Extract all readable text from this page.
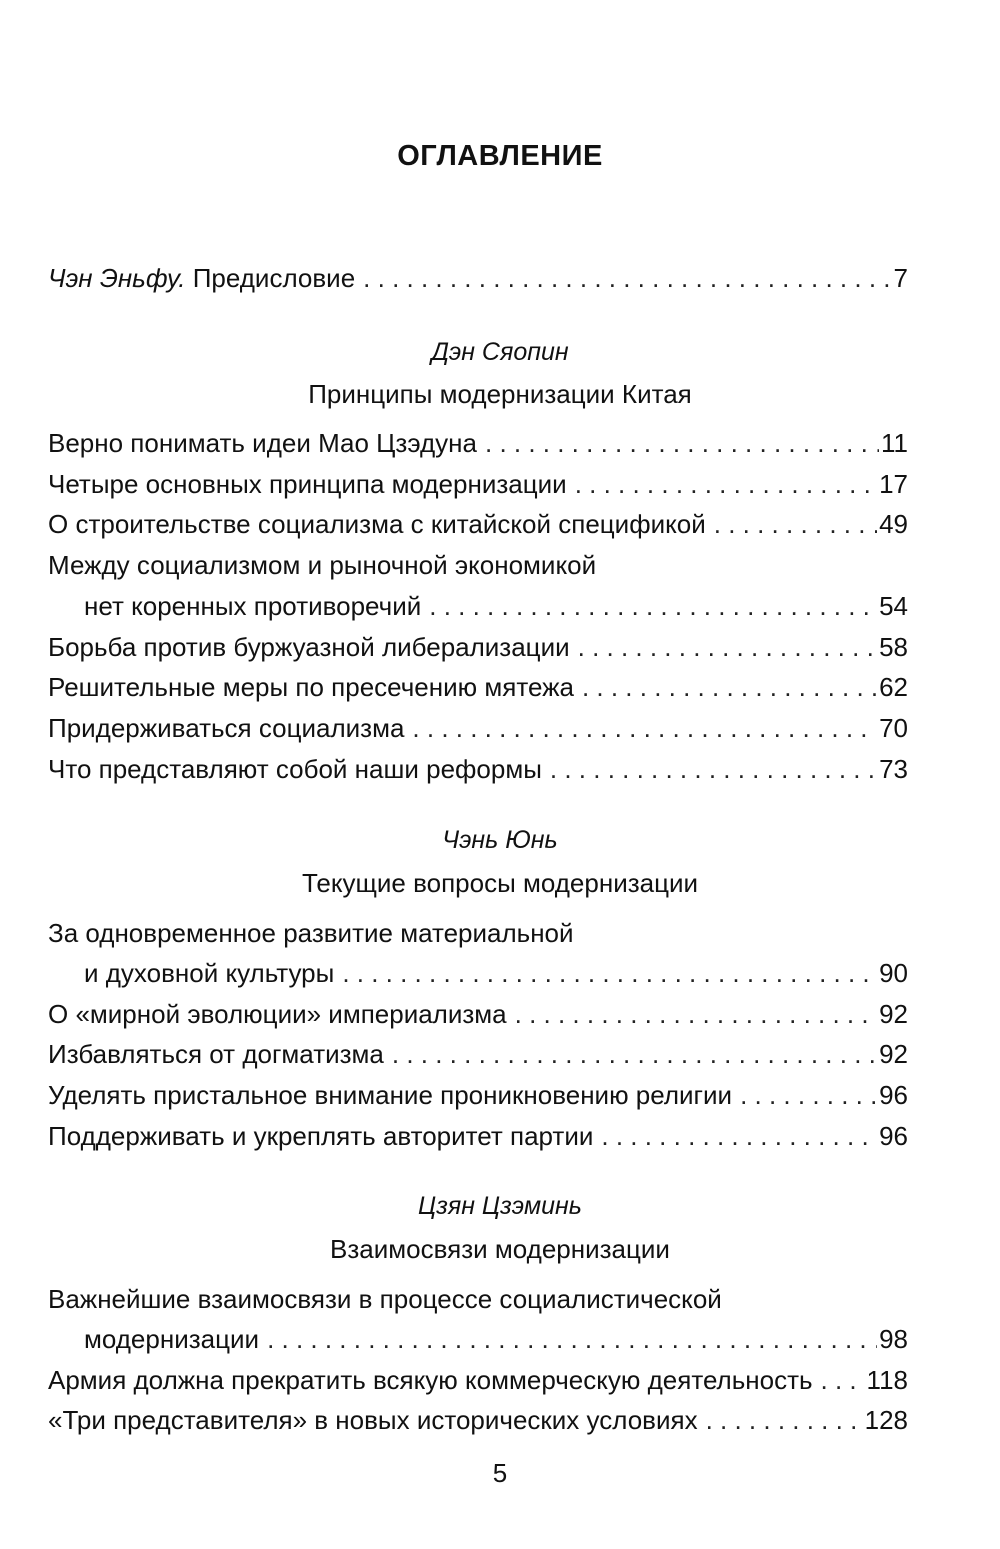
ОГЛАВЛЕНИЕ
Чэн Эньфу. Предисловие . . .	7
Дэн Сяопин
Принципы модернизации Китая
Верно понимать идеи Мао Цзэдуна . . .	11
Четыре основных принципа модернизации . . .	17
О строительстве социализма с китайской спецификой . . .	49
Между социализмом и рыночной экономикой
нет коренных противоречий . . .	54
Борьба против буржуазной либерализации . . .	58
Решительные меры по пресечению мятежа . . .	62
Придерживаться социализма . . .	70
Что представляют собой наши реформы . . .	73
Чэнь Юнь
Текущие вопросы модернизации
За одновременное развитие материальной
и духовной культуры . . .	90
О «мирной эволюции» империализма . . .	92
Избавляться от догматизма . . .	92
Уделять пристальное внимание проникновению религии . . .	96
Поддерживать и укреплять авторитет партии . . .	96
Цзян Цзэминь
Взаимосвязи модернизации
Важнейшие взаимосвязи в процессе социалистической
модернизации . . .	98
Армия должна прекратить всякую коммерческую деятельность . . . 118
«Три представителя» в новых исторических условиях . . .	128
5
